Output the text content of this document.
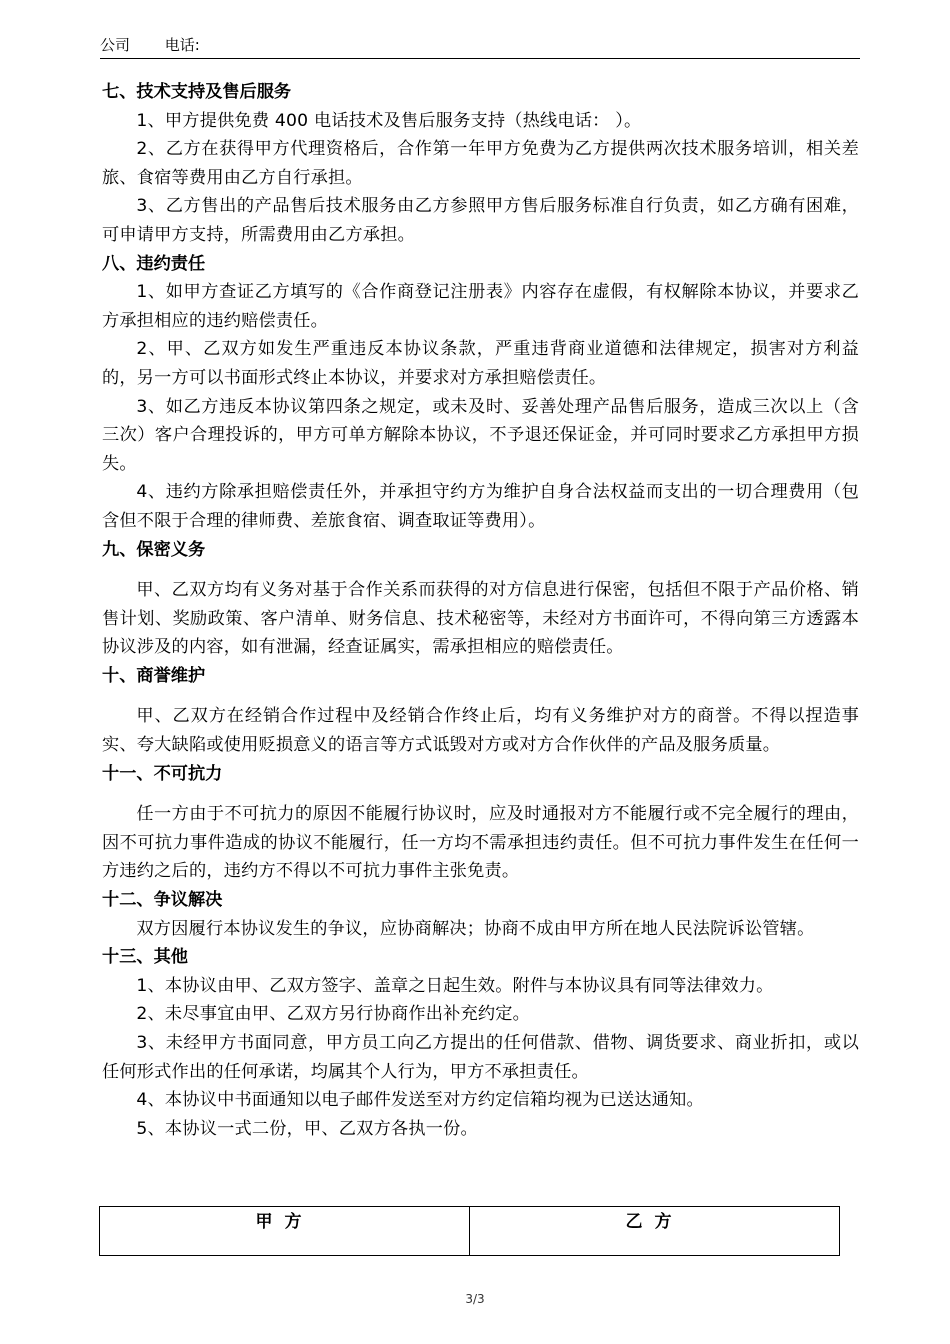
公司 电话:
七、技术支持及售后服务

1、甲方提供免费 400 电话技术及售后服务支持（热线电话： ）。

2、乙方在获得甲方代理资格后，合作第一年甲方免费为乙方提供两次技术服务培训，相关差旅、食宿等费用由乙方自行承担。

3、乙方售出的产品售后技术服务由乙方参照甲方售后服务标准自行负责，如乙方确有困难，可申请甲方支持，所需费用由乙方承担。

八、违约责任

1、如甲方查证乙方填写的《合作商登记注册表》内容存在虚假，有权解除本协议，并要求乙方承担相应的违约赔偿责任。

2、甲、乙双方如发生严重违反本协议条款，严重违背商业道德和法律规定，损害对方利益的，另一方可以书面形式终止本协议，并要求对方承担赔偿责任。

3、如乙方违反本协议第四条之规定，或未及时、妥善处理产品售后服务，造成三次以上（含三次）客户合理投诉的，甲方可单方解除本协议，不予退还保证金，并可同时要求乙方承担甲方损失。

4、违约方除承担赔偿责任外，并承担守约方为维护自身合法权益而支出的一切合理费用（包含但不限于合理的律师费、差旅食宿、调查取证等费用）。

九、保密义务

甲、乙双方均有义务对基于合作关系而获得的对方信息进行保密，包括但不限于产品价格、销售计划、奖励政策、客户清单、财务信息、技术秘密等，未经对方书面许可，不得向第三方透露本协议涉及的内容，如有泄漏，经查证属实，需承担相应的赔偿责任。

十、商誉维护

甲、乙双方在经销合作过程中及经销合作终止后，均有义务维护对方的商誉。不得以捏造事实、夸大缺陷或使用贬损意义的语言等方式诋毁对方或对方合作伙伴的产品及服务质量。

十一、不可抗力

任一方由于不可抗力的原因不能履行协议时，应及时通报对方不能履行或不完全履行的理由，因不可抗力事件造成的协议不能履行，任一方均不需承担违约责任。但不可抗力事件发生在任何一方违约之后的，违约方不得以不可抗力事件主张免责。

十二、争议解决

双方因履行本协议发生的争议，应协商解决；协商不成由甲方所在地人民法院诉讼管辖。

十三、其他

1、本协议由甲、乙双方签字、盖章之日起生效。附件与本协议具有同等法律效力。

2、未尽事宜由甲、乙双方另行协商作出补充约定。

3、未经甲方书面同意，甲方员工向乙方提出的任何借款、借物、调货要求、商业折扣，或以任何形式作出的任何承诺，均属其个人行为，甲方不承担责任。

4、本协议中书面通知以电子邮件发送至对方约定信箱均视为已送达通知。

5、本协议一式二份，甲、乙双方各执一份。

甲方	乙方
3/3
